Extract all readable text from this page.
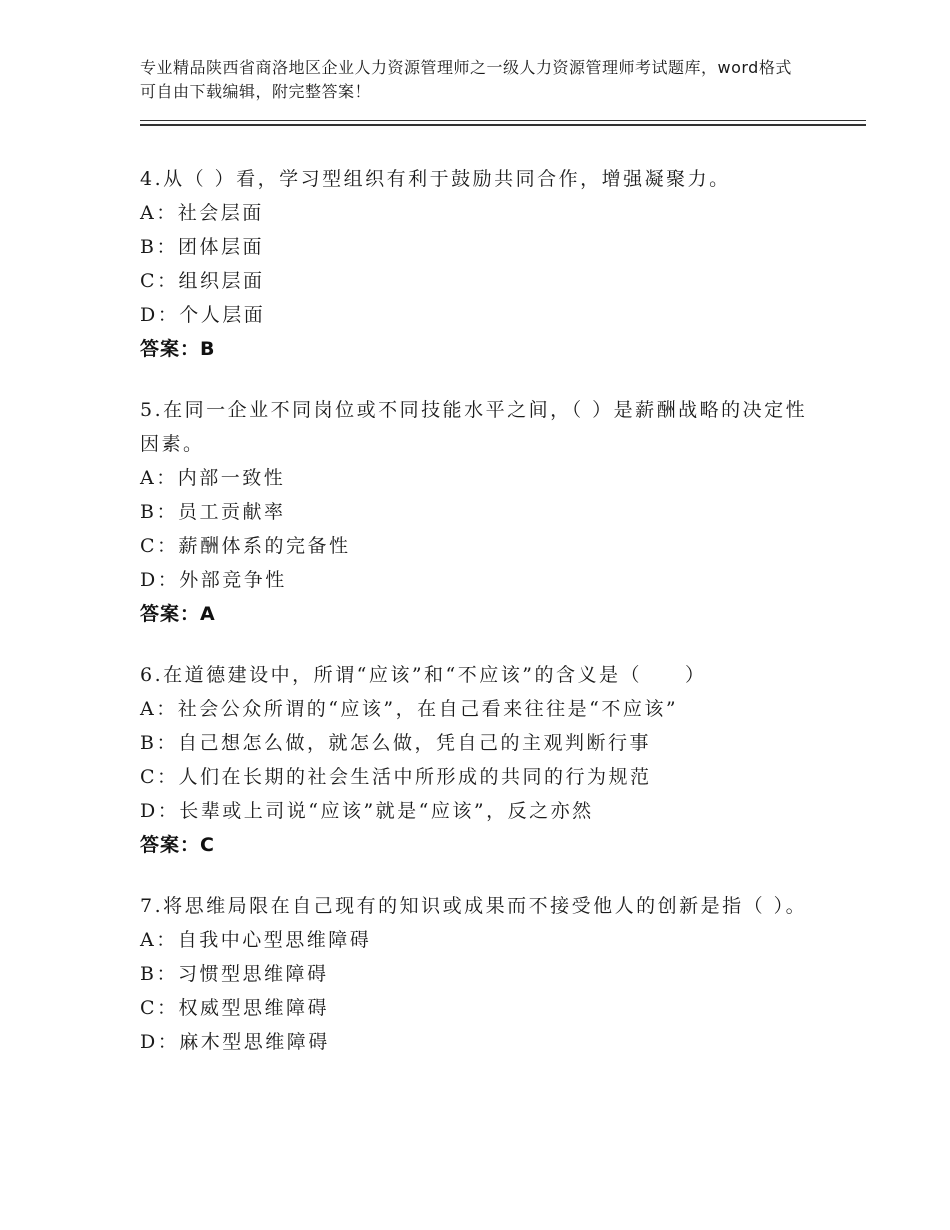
专业精品陕西省商洛地区企业人力资源管理师之一级人力资源管理师考试题库，word格式可自由下载编辑，附完整答案！
4.从（ ）看，学习型组织有利于鼓励共同合作，增强凝聚力。
A：社会层面
B：团体层面
C：组织层面
D：个人层面
答案：B
5.在同一企业不同岗位或不同技能水平之间，（ ）是薪酬战略的决定性因素。
A：内部一致性
B：员工贡献率
C：薪酬体系的完备性
D：外部竞争性
答案：A
6.在道德建设中，所谓“应该”和“不应该”的含义是（　　）
A：社会公众所谓的“应该”，在自己看来往往是“不应该”
B：自己想怎么做，就怎么做，凭自己的主观判断行事
C：人们在长期的社会生活中所形成的共同的行为规范
D：长辈或上司说“应该”就是“应该”，反之亦然
答案：C
7.将思维局限在自己现有的知识或成果而不接受他人的创新是指（ ）。
A：自我中心型思维障碍
B：习惯型思维障碍
C：权威型思维障碍
D：麻木型思维障碍
